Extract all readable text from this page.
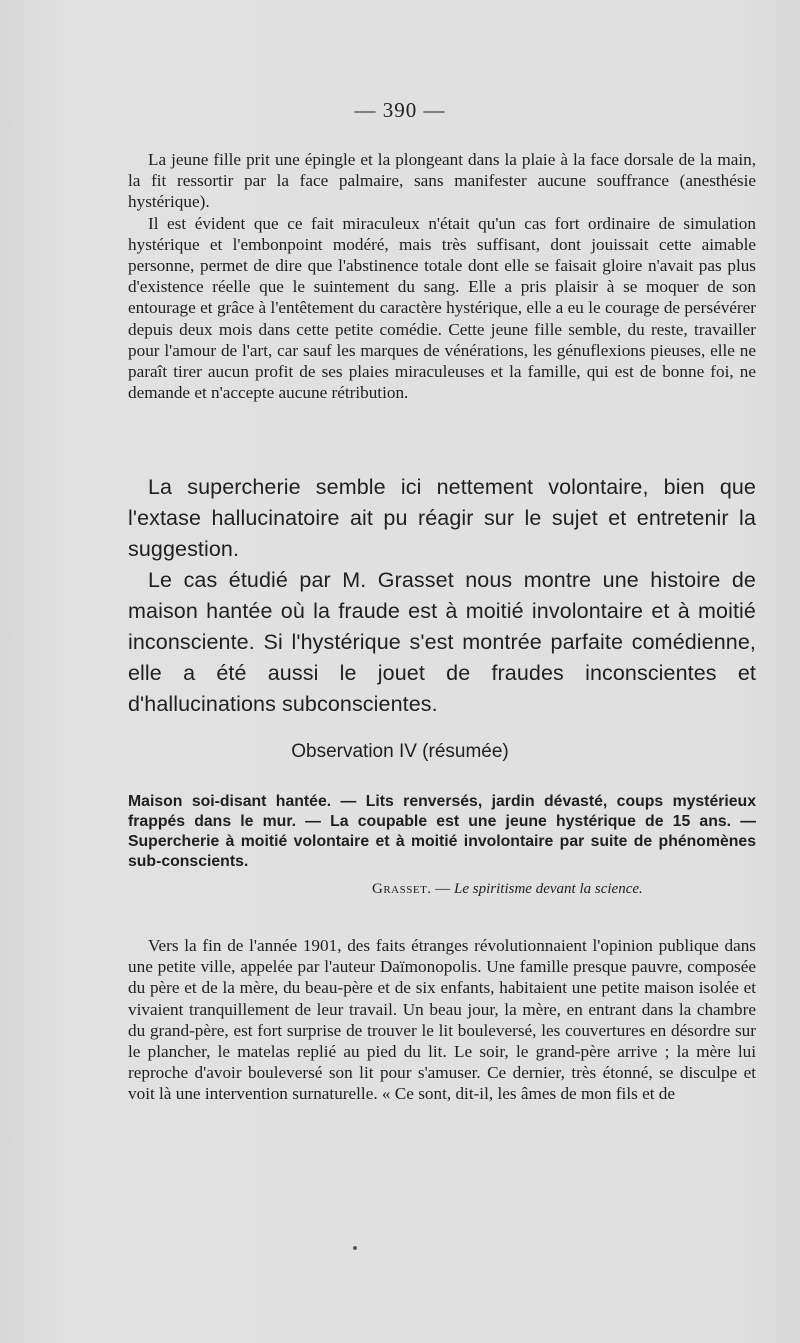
— 390 —

La jeune fille prit une épingle et la plongeant dans la plaie à la face dorsale de la main, la fit ressortir par la face palmaire, sans manifester aucune souffrance (anesthésie hystérique).

Il est évident que ce fait miraculeux n'était qu'un cas fort ordinaire de simulation hystérique et l'embonpoint modéré, mais très suffisant, dont jouissait cette aimable personne, permet de dire que l'abstinence totale dont elle se faisait gloire n'avait pas plus d'existence réelle que le suintement du sang. Elle a pris plaisir à se moquer de son entourage et grâce à l'entêtement du caractère hystérique, elle a eu le courage de persévérer depuis deux mois dans cette petite comédie. Cette jeune fille semble, du reste, travailler pour l'amour de l'art, car sauf les marques de vénérations, les génuflexions pieuses, elle ne paraît tirer aucun profit de ses plaies miraculeuses et la famille, qui est de bonne foi, ne demande et n'accepte aucune rétribution.

La supercherie semble ici nettement volontaire, bien que l'extase hallucinatoire ait pu réagir sur le sujet et entretenir la suggestion.

Le cas étudié par M. Grasset nous montre une histoire de maison hantée où la fraude est à moitié involontaire et à moitié inconsciente. Si l'hystérique s'est montrée parfaite comédienne, elle a été aussi le jouet de fraudes inconscientes et d'hallucinations subconscientes.

Observation IV (résumée)

Maison soi-disant hantée. — Lits renversés, jardin dévasté, coups mystérieux frappés dans le mur. — La coupable est une jeune hystérique de 15 ans. — Supercherie à moitié volontaire et à moitié involontaire par suite de phénomènes sub-conscients.

Grasset. — Le spiritisme devant la science.

Vers la fin de l'année 1901, des faits étranges révolutionnaient l'opinion publique dans une petite ville, appelée par l'auteur Daïmonopolis. Une famille presque pauvre, composée du père et de la mère, du beau-père et de six enfants, habitaient une petite maison isolée et vivaient tranquillement de leur travail. Un beau jour, la mère, en entrant dans la chambre du grand-père, est fort surprise de trouver le lit bouleversé, les couvertures en désordre sur le plancher, le matelas replié au pied du lit. Le soir, le grand-père arrive ; la mère lui reproche d'avoir bouleversé son lit pour s'amuser. Ce dernier, très étonné, se disculpe et voit là une intervention surnaturelle. « Ce sont, dit-il, les âmes de mon fils et de
